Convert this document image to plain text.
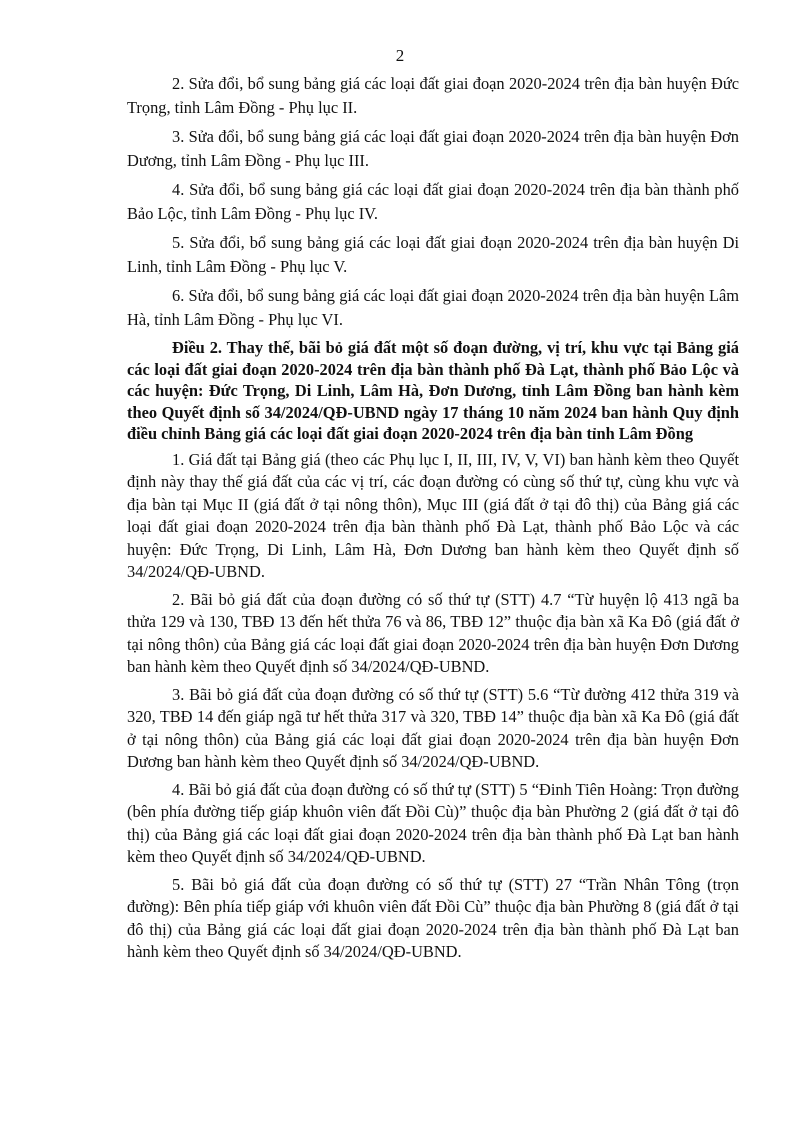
2

2. Sửa đổi, bổ sung bảng giá các loại đất giai đoạn 2020-2024 trên địa bàn huyện Đức Trọng, tỉnh Lâm Đồng - Phụ lục II.

3. Sửa đổi, bổ sung bảng giá các loại đất giai đoạn 2020-2024 trên địa bàn huyện Đơn Dương, tỉnh Lâm Đồng - Phụ lục III.

4. Sửa đổi, bổ sung bảng giá các loại đất giai đoạn 2020-2024 trên địa bàn thành phố Bảo Lộc, tỉnh Lâm Đồng - Phụ lục IV.

5. Sửa đổi, bổ sung bảng giá các loại đất giai đoạn 2020-2024 trên địa bàn huyện Di Linh, tỉnh Lâm Đồng - Phụ lục V.

6. Sửa đổi, bổ sung bảng giá các loại đất giai đoạn 2020-2024 trên địa bàn huyện Lâm Hà, tỉnh Lâm Đồng - Phụ lục VI.

Điều 2. Thay thế, bãi bỏ giá đất một số đoạn đường, vị trí, khu vực tại Bảng giá các loại đất giai đoạn 2020-2024 trên địa bàn thành phố Đà Lạt, thành phố Bảo Lộc và các huyện: Đức Trọng, Di Linh, Lâm Hà, Đơn Dương, tỉnh Lâm Đồng ban hành kèm theo Quyết định số 34/2024/QĐ-UBND ngày 17 tháng 10 năm 2024 ban hành Quy định điều chỉnh Bảng giá các loại đất giai đoạn 2020-2024 trên địa bàn tỉnh Lâm Đồng

1. Giá đất tại Bảng giá (theo các Phụ lục I, II, III, IV, V, VI) ban hành kèm theo Quyết định này thay thế giá đất của các vị trí, các đoạn đường có cùng số thứ tự, cùng khu vực và địa bàn tại Mục II (giá đất ở tại nông thôn), Mục III (giá đất ở tại đô thị) của Bảng giá các loại đất giai đoạn 2020-2024 trên địa bàn thành phố Đà Lạt, thành phố Bảo Lộc và các huyện: Đức Trọng, Di Linh, Lâm Hà, Đơn Dương ban hành kèm theo Quyết định số 34/2024/QĐ-UBND.

2. Bãi bỏ giá đất của đoạn đường có số thứ tự (STT) 4.7 “Từ huyện lộ 413 ngã ba thửa 129 và 130, TBĐ 13 đến hết thửa 76 và 86, TBĐ 12” thuộc địa bàn xã Ka Đô (giá đất ở tại nông thôn) của Bảng giá các loại đất giai đoạn 2020-2024 trên địa bàn huyện Đơn Dương ban hành kèm theo Quyết định số 34/2024/QĐ-UBND.

3. Bãi bỏ giá đất của đoạn đường có số thứ tự (STT) 5.6 “Từ đường 412 thửa 319 và 320, TBĐ 14 đến giáp ngã tư hết thửa 317 và 320, TBĐ 14” thuộc địa bàn xã Ka Đô (giá đất ở tại nông thôn) của Bảng giá các loại đất giai đoạn 2020-2024 trên địa bàn huyện Đơn Dương ban hành kèm theo Quyết định số 34/2024/QĐ-UBND.

4. Bãi bỏ giá đất của đoạn đường có số thứ tự (STT) 5 “Đinh Tiên Hoàng: Trọn đường (bên phía đường tiếp giáp khuôn viên đất Đồi Cù)” thuộc địa bàn Phường 2 (giá đất ở tại đô thị) của Bảng giá các loại đất giai đoạn 2020-2024 trên địa bàn thành phố Đà Lạt ban hành kèm theo Quyết định số 34/2024/QĐ-UBND.

5. Bãi bỏ giá đất của đoạn đường có số thứ tự (STT) 27 “Trần Nhân Tông (trọn đường): Bên phía tiếp giáp với khuôn viên đất Đồi Cù” thuộc địa bàn Phường 8 (giá đất ở tại đô thị) của Bảng giá các loại đất giai đoạn 2020-2024 trên địa bàn thành phố Đà Lạt ban hành kèm theo Quyết định số 34/2024/QĐ-UBND.
